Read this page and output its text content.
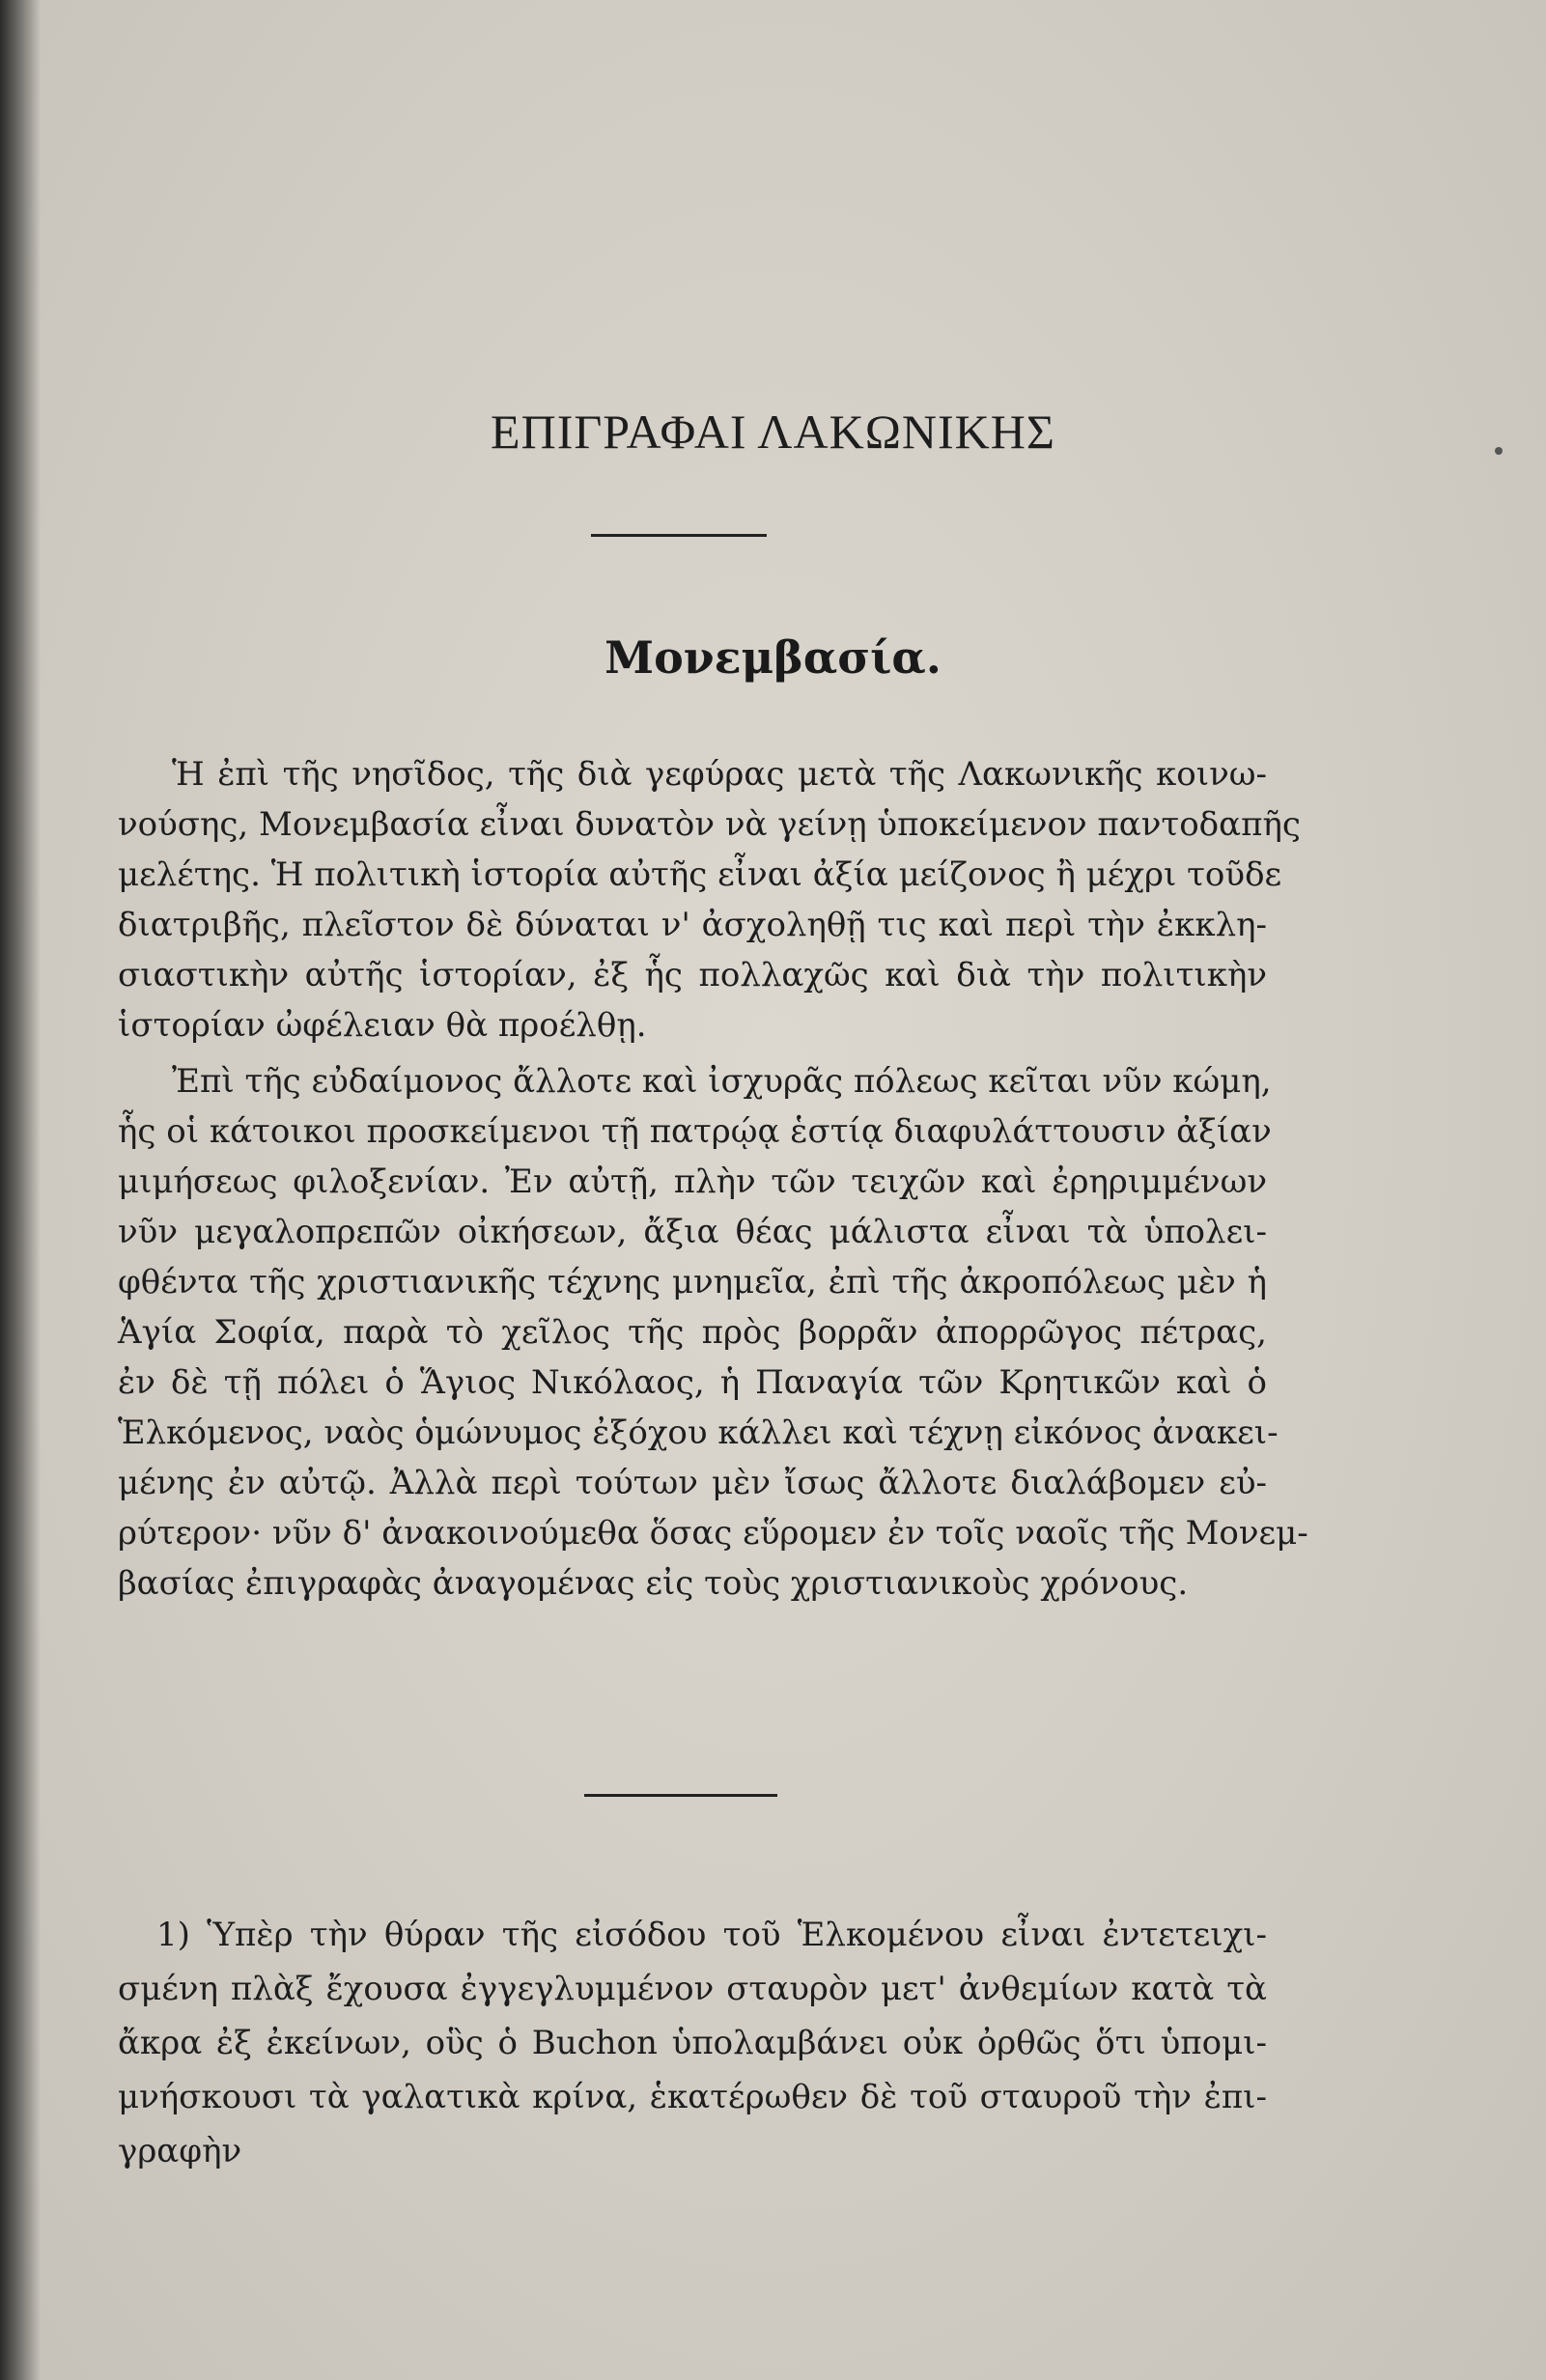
ΕΠΙΓΡΑΦΑΙ ΛΑΚΩΝΙΚΗΣ
Μονεμβασία.
Ἡ ἐπὶ τῆς νησῖδος, τῆς διὰ γεφύρας μετὰ τῆς Λακωνικῆς κοινω-
νούσης, Μονεμβασία εἶναι δυνατὸν νὰ γείνῃ ὑποκείμενον παντοδαπῆς
μελέτης. Ἡ πολιτικὴ ἱστορία αὐτῆς εἶναι ἀξία μείζονος ἢ μέχρι τοῦδε
διατριβῆς, πλεῖστον δὲ δύναται ν' ἀσχοληθῇ τις καὶ περὶ τὴν ἐκκλη-
σιαστικὴν αὐτῆς ἱστορίαν, ἐξ ἧς πολλαχῶς καὶ διὰ τὴν πολιτικὴν
ἱστορίαν ὠφέλειαν θὰ προέλθῃ.
Ἐπὶ τῆς εὐδαίμονος ἄλλοτε καὶ ἰσχυρᾶς πόλεως κεῖται νῦν κώμη,
ἧς οἱ κάτοικοι προσκείμενοι τῇ πατρῴᾳ ἑστίᾳ διαφυλάττουσιν ἀξίαν
μιμήσεως φιλοξενίαν. Ἐν αὐτῇ, πλὴν τῶν τειχῶν καὶ ἐρηριμμένων
νῦν μεγαλοπρεπῶν οἰκήσεων, ἄξια θέας μάλιστα εἶναι τὰ ὑπολει-
φθέντα τῆς χριστιανικῆς τέχνης μνημεῖα, ἐπὶ τῆς ἀκροπόλεως μὲν ἡ
Ἁγία Σοφία, παρὰ τὸ χεῖλος τῆς πρὸς βορρᾶν ἀπορρῶγος πέτρας,
ἐν δὲ τῇ πόλει ὁ Ἅγιος Νικόλαος, ἡ Παναγία τῶν Κρητικῶν καὶ ὁ
Ἑλκόμενος, ναὸς ὁμώνυμος ἐξόχου κάλλει καὶ τέχνῃ εἰκόνος ἀνακει-
μένης ἐν αὐτῷ. Ἀλλὰ περὶ τούτων μὲν ἴσως ἄλλοτε διαλάβομεν εὐ-
ρύτερον· νῦν δ' ἀνακοινούμεθα ὅσας εὕρομεν ἐν τοῖς ναοῖς τῆς Μονεμ-
βασίας ἐπιγραφὰς ἀναγομένας εἰς τοὺς χριστιανικοὺς χρόνους.
1) Ὑπὲρ τὴν θύραν τῆς εἰσόδου τοῦ Ἑλκομένου εἶναι ἐντετειχι-
σμένη πλὰξ ἔχουσα ἐγγεγλυμμένον σταυρὸν μετ' ἀνθεμίων κατὰ τὰ
ἄκρα ἐξ ἐκείνων, οὓς ὁ Buchon ὑπολαμβάνει οὐκ ὀρθῶς ὅτι ὑπομι-
μνήσκουσι τὰ γαλατικὰ κρίνα, ἑκατέρωθεν δὲ τοῦ σταυροῦ τὴν ἐπι-
γραφὴν
